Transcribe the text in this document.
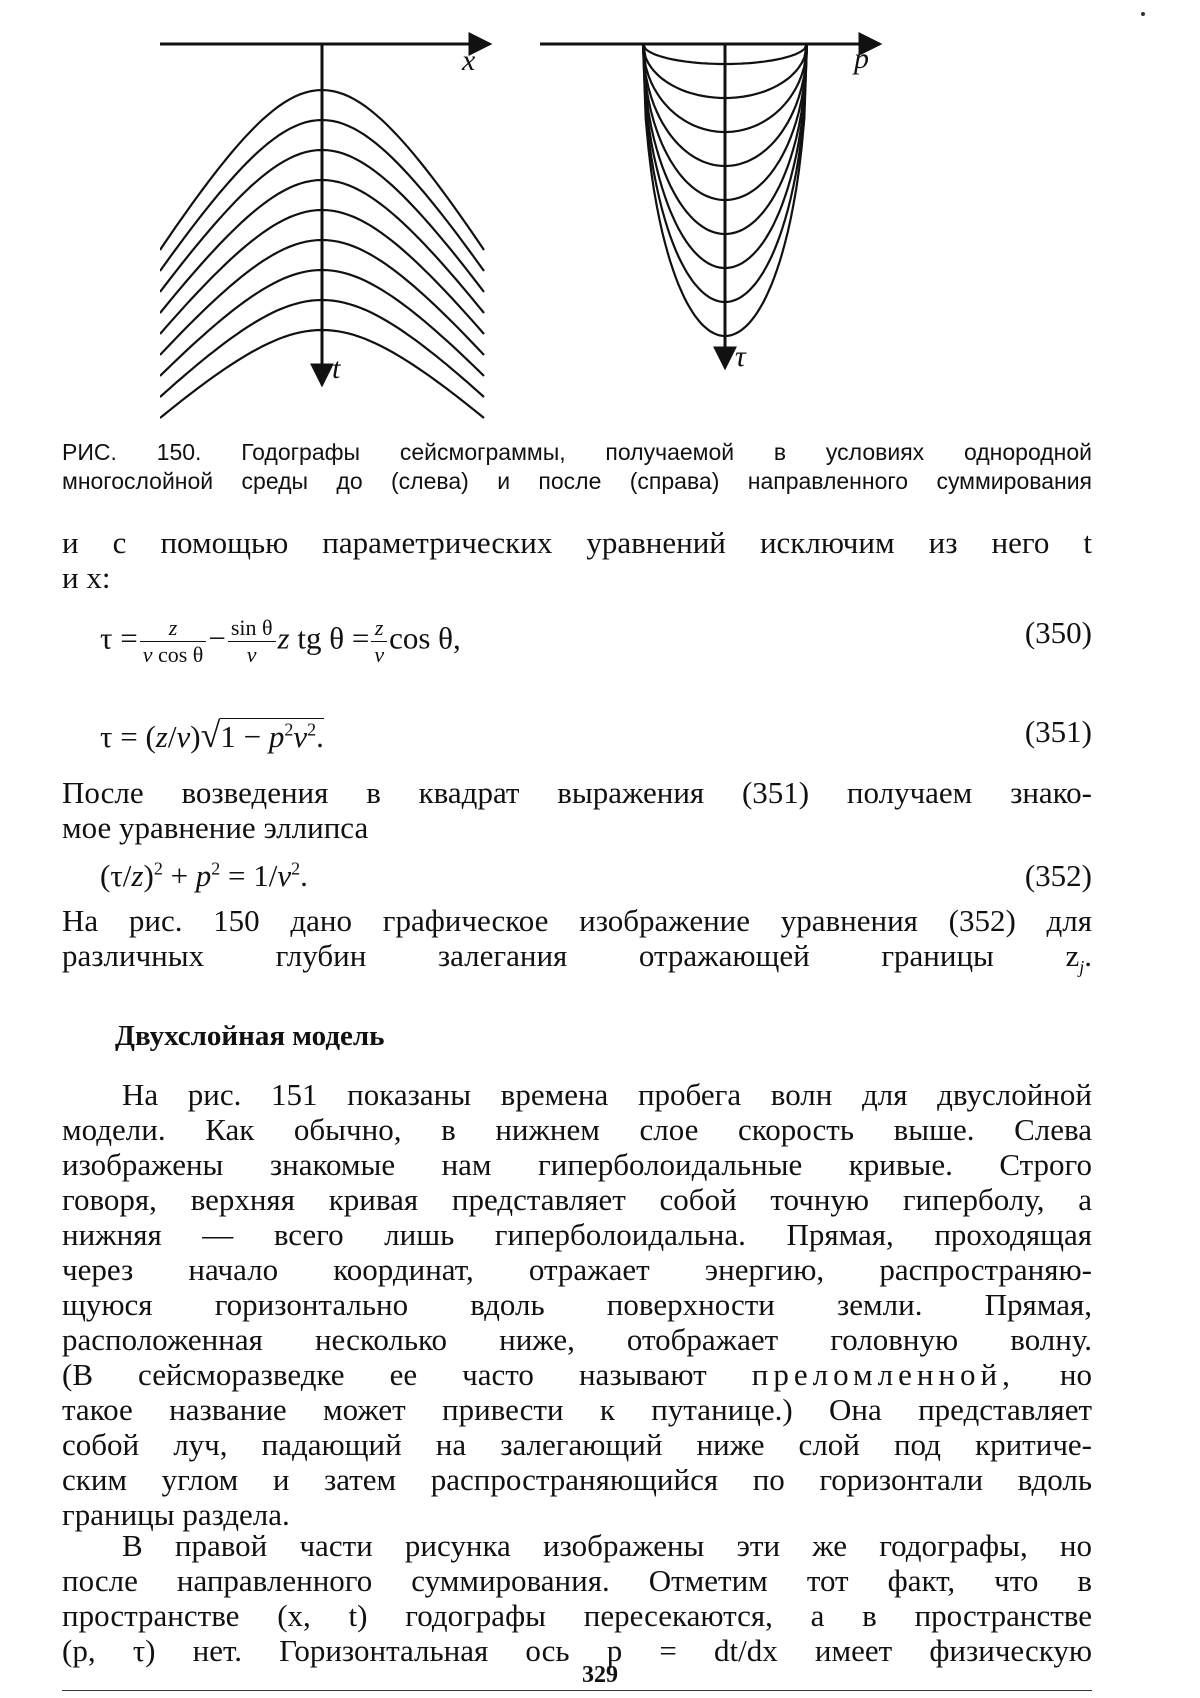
x
t
p
τ
РИС. 150. Годографы сейсмограммы, получаемой в условиях однородной
многослойной среды до (слева) и после (справа) направленного суммирования
и с помощью параметрических уравнений исключим из него t
и x:
$\tau = \frac{z}{\text{v cos θ}} - \frac{\text{sin θ}}{v}$ z tg $\theta = \frac{z}{v}$ cos θ,	(350)
$\tau = (z/v)√1 - p^2v^2$.	(351)
После возведения в квадрат выражения (351) получаем знако-
мое уравнение эллипса
$(\tau/z)^2 + p^2 = 1/v^2$.	(352)
На рис. 150 дано графическое изображение уравнения (352) для
различных глубин залегания отражающей границы $z_j$.
Двухслойная модель
На рис. 151 показаны времена пробега волн для двуслойной
модели. Как обычно, в нижнем слое скорость выше. Слева
изображены знакомые нам гиперболоидальные кривые. Строго
говоря, верхняя кривая представляет собой точную гиперболу, а
нижняя — всего лишь гиперболоидальна. Прямая, проходящая
через начало координат, отражает энергию, распространяю-
щуюся горизонтально вдоль поверхности земли. Прямая,
расположенная несколько ниже, отображает головную волну.
(В сейсморазведке ее часто называют преломленной, но
такое название может привести к путанице.) Она представляет
собой луч, падающий на залегающий ниже слой под критиче-
ским углом и затем распространяющийся по горизонтали вдоль
границы раздела.
В правой части рисунка изображены эти же годографы, но
после направленного суммирования. Отметим тот факт, что в
пространстве (x, t) годографы пересекаются, а в пространстве
(p, τ) нет. Горизонтальная ось p = dt/dx имеет физическую
329
